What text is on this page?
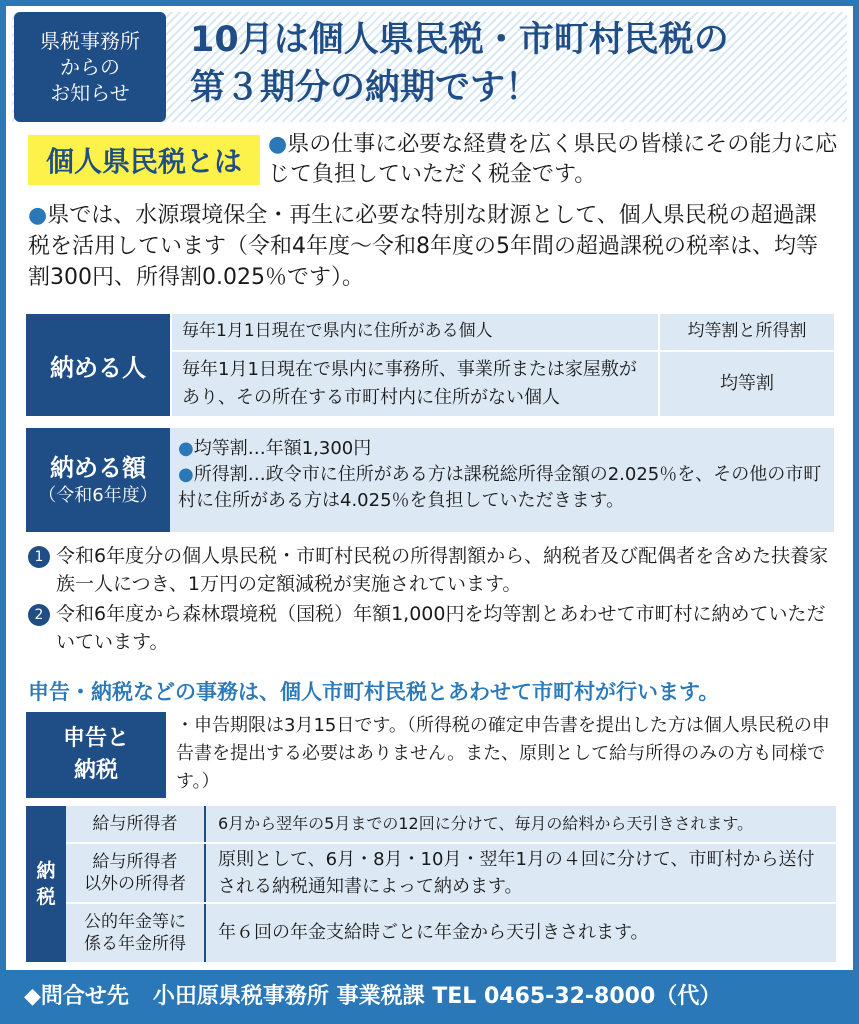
県税事務所
からの
お知らせ
10月は個人県民税・市町村民税の
第３期分の納期です！
個人県民税とは
●県の仕事に必要な経費を広く県民の皆様にその能力に応じて負担していただく税金です。
●県では、水源環境保全・再生に必要な特別な財源として、個人県民税の超過課税を活用しています（令和4年度〜令和8年度の5年間の超過課税の税率は、均等割300円、所得割0.025％です）。
納める人
毎年1月1日現在で県内に住所がある個人	均等割と所得割
毎年1月1日現在で県内に事務所、事業所または家屋敷があり、その所在する市町村内に住所がない個人
均等割
納める額
（令和6年度）
●均等割…年額1,300円
●所得割…政令市に住所がある方は課税総所得金額の2.025％を、その他の市町村に住所がある方は4.025％を負担していただきます。

1 令和6年度分の個人県民税・市町村民税の所得割額から、納税者及び配偶者を含めた扶養家族一人につき、1万円の定額減税が実施されています。

2 令和6年度から森林環境税（国税）年額1,000円を均等割とあわせて市町村に納めていただいています。

申告・納税などの事務は、個人市町村民税とあわせて市町村が行います。
申告と
納税
・申告期限は3月15日です。（所得税の確定申告書を提出した方は個人県民税の申告書を提出する必要はありません。また、原則として給与所得のみの方も同様です。）
納
税
給与所得者	6月から翌年の5月までの12回に分けて、毎月の給料から天引きされます。
給与所得者
以外の所得者
原則として、6月・8月・10月・翌年1月の４回に分けて、市町村から送付される納税通知書によって納めます。
公的年金等に
係る年金所得
年６回の年金支給時ごとに年金から天引きされます。
◆問合せ先 小田原県税事務所 事業税課 TEL 0465-32-8000（代）
